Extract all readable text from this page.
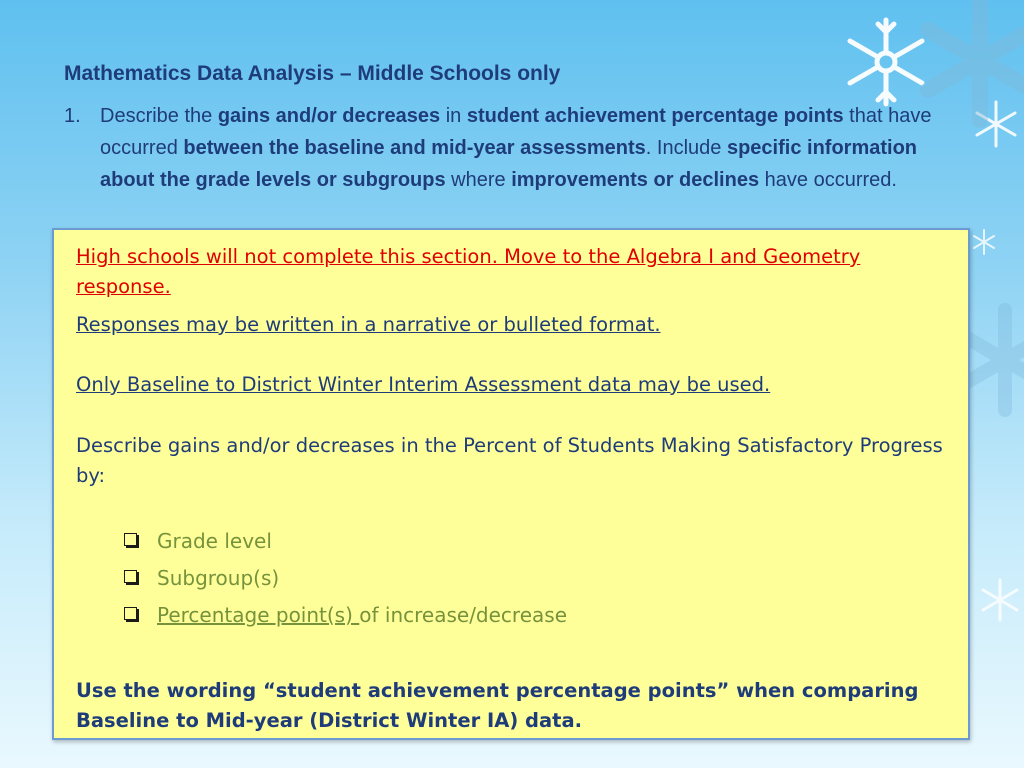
Mathematics Data Analysis – Middle Schools only
1. Describe the gains and/or decreases in student achievement percentage points that have occurred between the baseline and mid-year assessments. Include specific information about the grade levels or subgroups where improvements or declines have occurred.

High schools will not complete this section. Move to the Algebra I and Geometry response.

Responses may be written in a narrative or bulleted format.

Only Baseline to District Winter Interim Assessment data may be used.

Describe gains and/or decreases in the Percent of Students Making Satisfactory Progress by:

Grade level
Subgroup(s)
Percentage point(s) of increase/decrease

Use the wording “student achievement percentage points” when comparing Baseline to Mid-year (District Winter IA) data.
